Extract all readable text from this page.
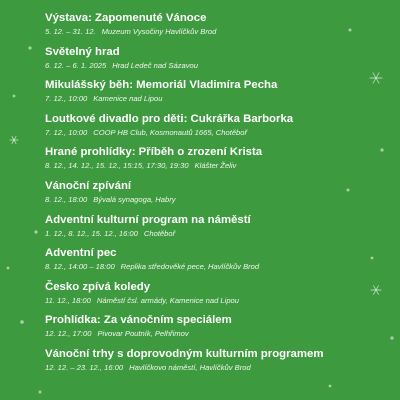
Výstava: Zapomenuté Vánoce
5. 12. – 31. 12. Muzeum Vysočiny Havlíčkův Brod
Světelný hrad
6. 12. – 6. 1. 2025 Hrad Ledeč nad Sázavou
Mikulášský běh: Memoriál Vladimíra Pecha
7. 12., 10:00 Kamenice nad Lipou
Loutkové divadlo pro děti: Cukrářka Barborka
7. 12., 10:00 COOP HB Club, Kosmonautů 1665, Chotěboř
Hrané prohlídky: Příběh o zrození Krista
8. 12., 14. 12., 15. 12., 15:15, 17:30, 19:30 Klášter Želiv
Vánoční zpívání
8. 12., 18:00 Bývalá synagoga, Habry
Adventní kulturní program na náměstí
1. 12., 8. 12., 15. 12., 16:00 Chotěboř
Adventní pec
8. 12., 14:00 – 18:00 Replika středověké pece, Havlíčkův Brod
Česko zpívá koledy
11. 12., 18:00 Náměstí čsl. armády, Kamenice nad Lipou
Prohlídka: Za vánočním speciálem
12. 12., 17:00 Pivovar Poutník, Pelhřimov
Vánoční trhy s doprovodným kulturním programem
12. 12. – 23. 12., 16:00 Havlíčkovo náměstí, Havlíčkův Brod
